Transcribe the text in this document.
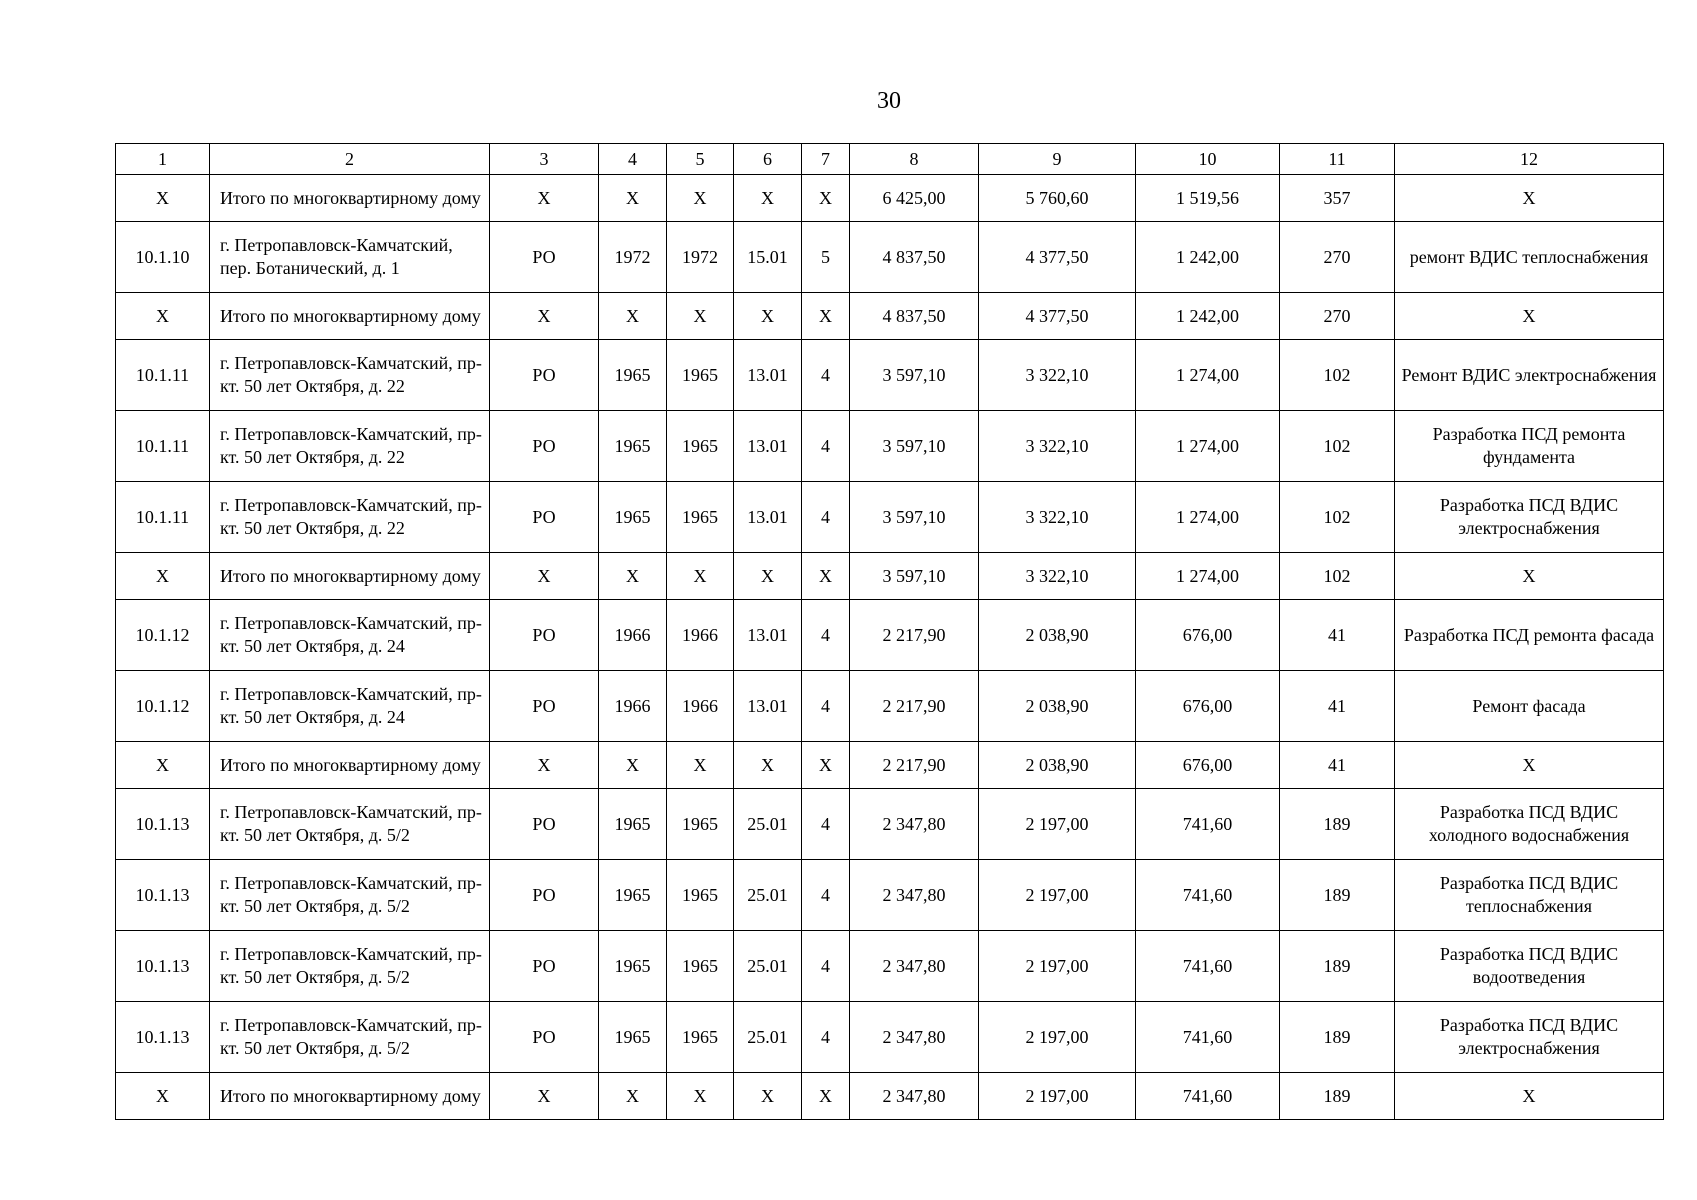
30
1	2	3	4	5	6	7	8	9	10	11	12
X	Итого по многоквартирному дому	X	X	X	X	X	6 425,00	5 760,60	1 519,56	357	X
10.1.10	г. Петропавловск-Камчатский, пер. Ботанический, д. 1	РО	1972	1972	15.01	5	4 837,50	4 377,50	1 242,00	270	ремонт ВДИС теплоснабжения
X	Итого по многоквартирному дому	X	X	X	X	X	4 837,50	4 377,50	1 242,00	270	X
10.1.11	г. Петропавловск-Камчатский, пр-кт. 50 лет Октября, д. 22	РО	1965	1965	13.01	4	3 597,10	3 322,10	1 274,00	102	Ремонт ВДИС электроснабжения
10.1.11	г. Петропавловск-Камчатский, пр-кт. 50 лет Октября, д. 22	РО	1965	1965	13.01	4	3 597,10	3 322,10	1 274,00	102	Разработка ПСД ремонта фундамента
10.1.11	г. Петропавловск-Камчатский, пр-кт. 50 лет Октября, д. 22	РО	1965	1965	13.01	4	3 597,10	3 322,10	1 274,00	102	Разработка ПСД ВДИС электроснабжения
X	Итого по многоквартирному дому	X	X	X	X	X	3 597,10	3 322,10	1 274,00	102	X
10.1.12	г. Петропавловск-Камчатский, пр-кт. 50 лет Октября, д. 24	РО	1966	1966	13.01	4	2 217,90	2 038,90	676,00	41	Разработка ПСД ремонта фасада
10.1.12	г. Петропавловск-Камчатский, пр-кт. 50 лет Октября, д. 24	РО	1966	1966	13.01	4	2 217,90	2 038,90	676,00	41	Ремонт фасада
X	Итого по многоквартирному дому	X	X	X	X	X	2 217,90	2 038,90	676,00	41	X
10.1.13	г. Петропавловск-Камчатский, пр-кт. 50 лет Октября, д. 5/2	РО	1965	1965	25.01	4	2 347,80	2 197,00	741,60	189	Разработка ПСД ВДИС холодного водоснабжения
10.1.13	г. Петропавловск-Камчатский, пр-кт. 50 лет Октября, д. 5/2	РО	1965	1965	25.01	4	2 347,80	2 197,00	741,60	189	Разработка ПСД ВДИС теплоснабжения
10.1.13	г. Петропавловск-Камчатский, пр-кт. 50 лет Октября, д. 5/2	РО	1965	1965	25.01	4	2 347,80	2 197,00	741,60	189	Разработка ПСД ВДИС водоотведения
10.1.13	г. Петропавловск-Камчатский, пр-кт. 50 лет Октября, д. 5/2	РО	1965	1965	25.01	4	2 347,80	2 197,00	741,60	189	Разработка ПСД ВДИС электроснабжения
X	Итого по многоквартирному дому	X	X	X	X	X	2 347,80	2 197,00	741,60	189	X
